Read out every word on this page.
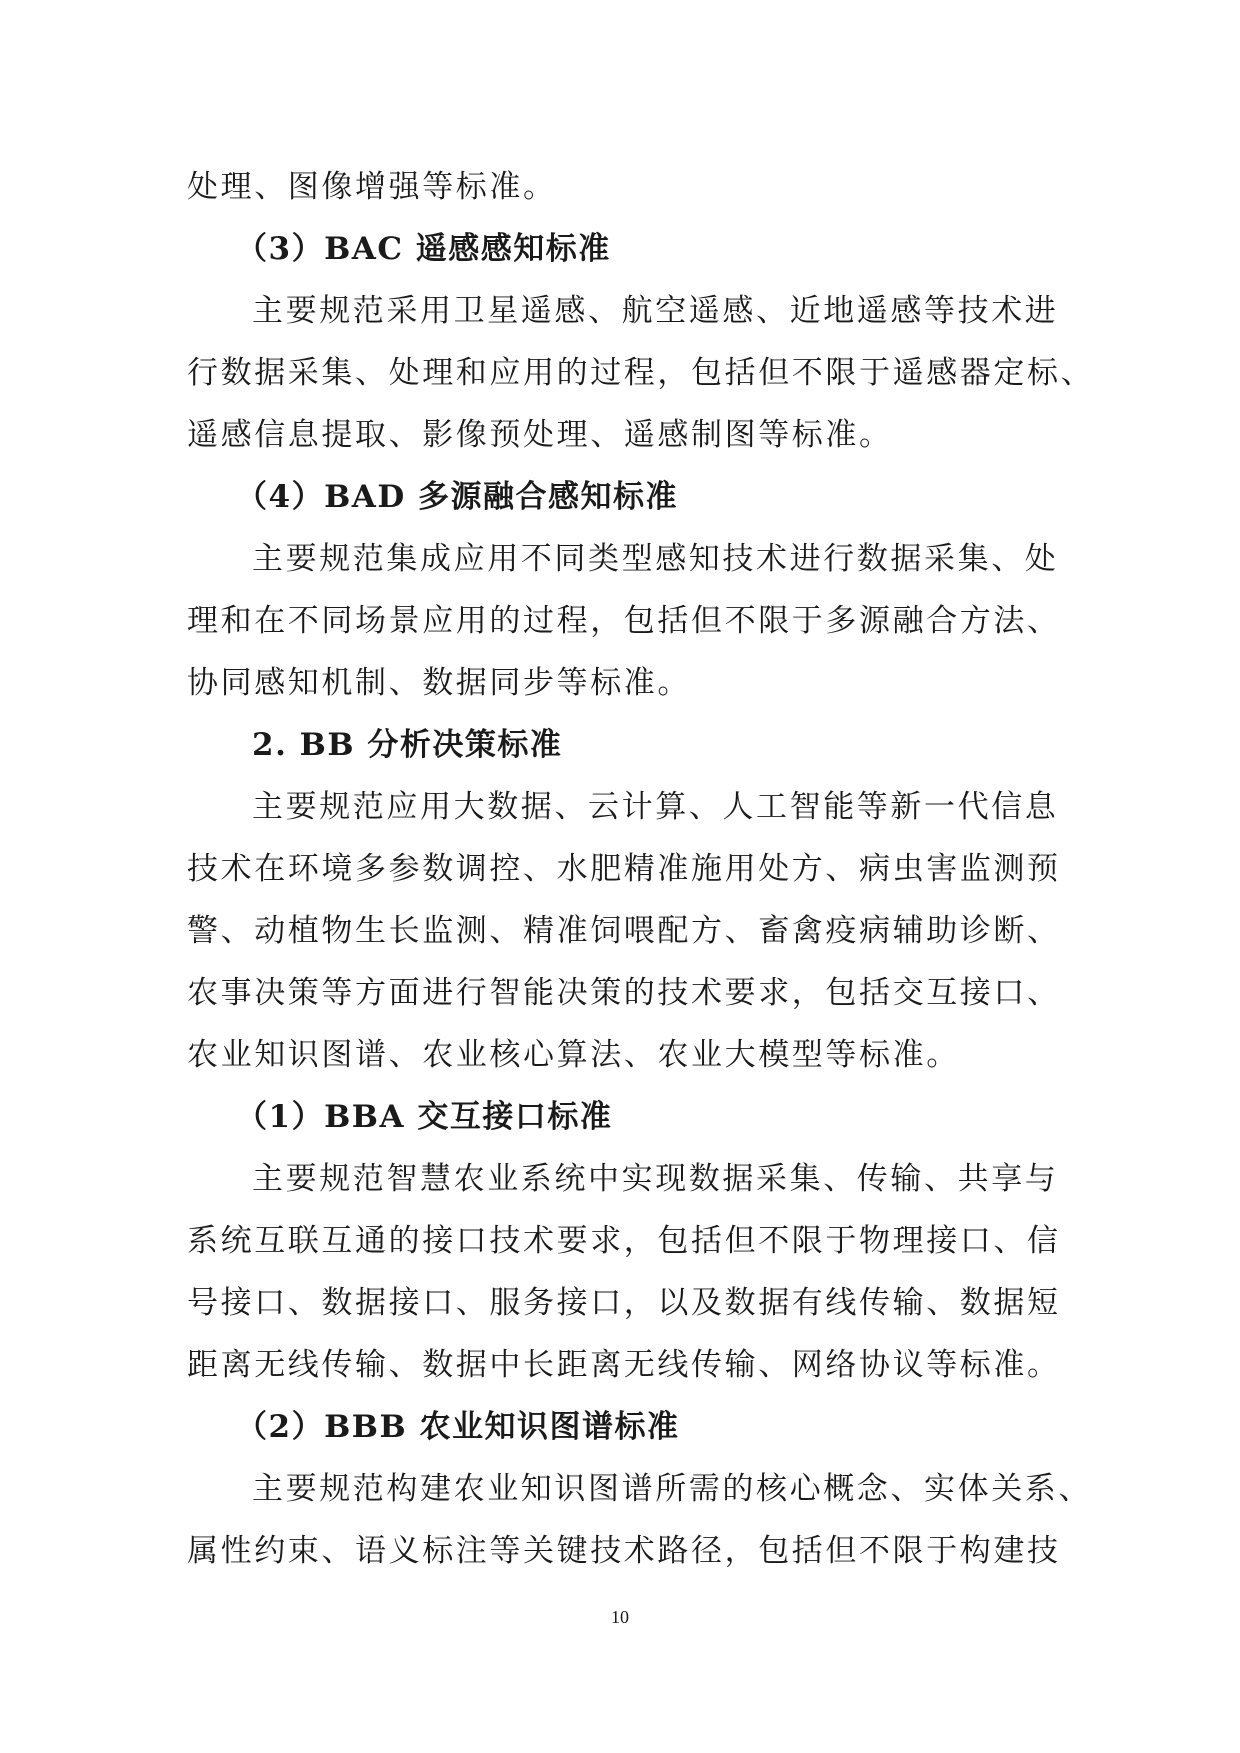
处理、图像增强等标准。
（3）BAC 遥感感知标准
主要规范采用卫星遥感、航空遥感、近地遥感等技术进
行数据采集、处理和应用的过程，包括但不限于遥感器定标、
遥感信息提取、影像预处理、遥感制图等标准。
（4）BAD 多源融合感知标准
主要规范集成应用不同类型感知技术进行数据采集、处
理和在不同场景应用的过程，包括但不限于多源融合方法、
协同感知机制、数据同步等标准。
2. BB 分析决策标准
主要规范应用大数据、云计算、人工智能等新一代信息
技术在环境多参数调控、水肥精准施用处方、病虫害监测预
警、动植物生长监测、精准饲喂配方、畜禽疫病辅助诊断、
农事决策等方面进行智能决策的技术要求，包括交互接口、
农业知识图谱、农业核心算法、农业大模型等标准。
（1）BBA 交互接口标准
主要规范智慧农业系统中实现数据采集、传输、共享与
系统互联互通的接口技术要求，包括但不限于物理接口、信
号接口、数据接口、服务接口，以及数据有线传输、数据短
距离无线传输、数据中长距离无线传输、网络协议等标准。
（2）BBB 农业知识图谱标准
主要规范构建农业知识图谱所需的核心概念、实体关系、
属性约束、语义标注等关键技术路径，包括但不限于构建技
10
